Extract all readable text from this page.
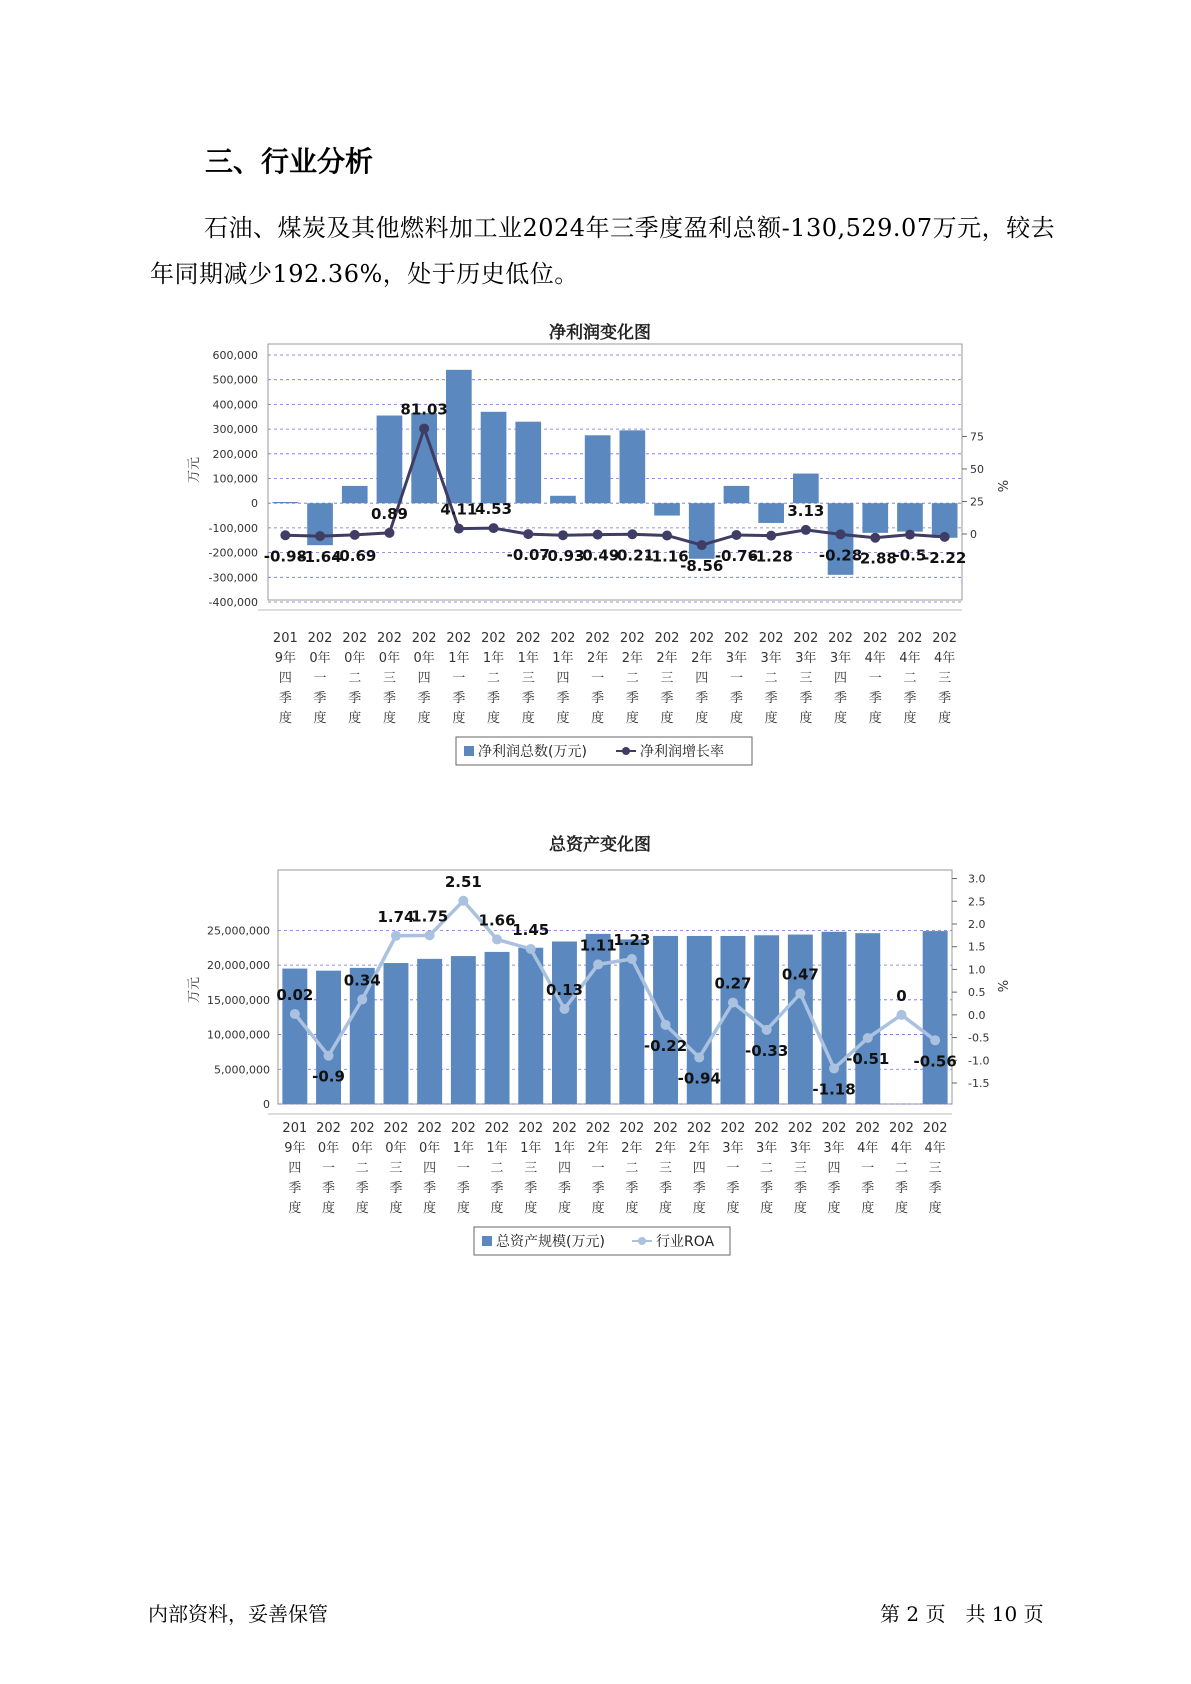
三、行业分析

石油、煤炭及其他燃料加工业2024年三季度盈利总额-130,529.07万元，较去年同期减少192.36%，处于历史低位。

净利润变化图
600,000
500,000
400,000
300,000
200,000
100,000
0
-100,000
-200,000
-300,000
-400,000
75
50
25
0
万元
%
-0.98
-1.64
-0.69
0.89
81.03
4.11
4.53
-0.07
-0.93
-0.49
-0.21
-1.16
-8.56
-0.76
-1.28
3.13
-0.28
-2.88
-0.5
-2.22
201
9年
四
季
度
202
0年
一
季
度
202
0年
二
季
度
202
0年
三
季
度
202
0年
四
季
度
202
1年
一
季
度
202
1年
二
季
度
202
1年
三
季
度
202
1年
四
季
度
202
2年
一
季
度
202
2年
二
季
度
202
2年
三
季
度
202
2年
四
季
度
202
3年
一
季
度
202
3年
二
季
度
202
3年
三
季
度
202
3年
四
季
度
202
4年
一
季
度
202
4年
二
季
度
202
4年
三
季
度
净利润总数(万元)	净利润增长率
总资产变化图
25,000,000
20,000,000
15,000,000
10,000,000
5,000,000
0
3.0
2.5
2.0
1.5
1.0
0.5
0.0
-0.5
-1.0
-1.5
万元	%
0.02
-0.9
0.34
1.74
1.75
2.51
1.66
1.45
0.13
1.11
1.23
-0.22
-0.94
0.27
-0.33
0.47
-1.18
-0.51
0
-0.56
201
9年
四
季
度
202
0年
一
季
度
202
0年
二
季
度
202
0年
三
季
度
202
0年
四
季
度
202
1年
一
季
度
202
1年
二
季
度
202
1年
三
季
度
202
1年
四
季
度
202
2年
一
季
度
202
2年
二
季
度
202
2年
三
季
度
202
2年
四
季
度
202
3年
一
季
度
202
3年
二
季
度
202
3年
三
季
度
202
3年
四
季
度
202
4年
一
季
度
202
4年
二
季
度
202
4年
三
季
度
总资产规模(万元)	行业ROA
内部资料，妥善保管	第 2 页　共 10 页
